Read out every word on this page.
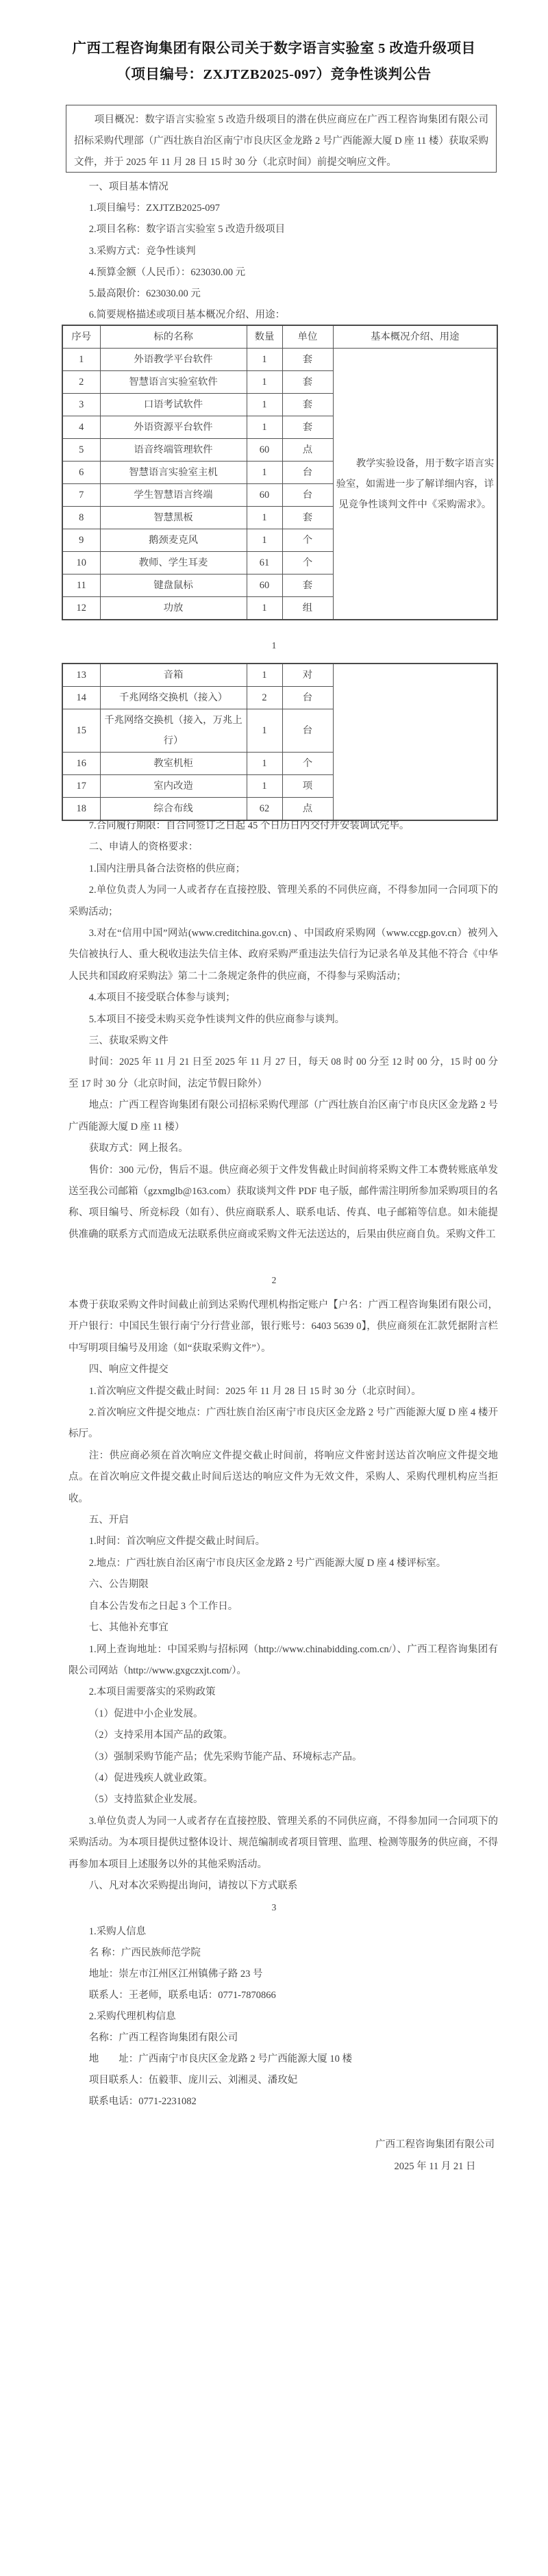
广西工程咨询集团有限公司关于数字语言实验室 5 改造升级项目
（项目编号：ZXJTZB2025-097）竞争性谈判公告

项目概况：数字语言实验室 5 改造升级项目的潜在供应商应在广西工程咨询集团有限公司招标采购代理部（广西壮族自治区南宁市良庆区金龙路 2 号广西能源大厦 D 座 11 楼）获取采购文件，并于 2025 年 11 月 28 日 15 时 30 分（北京时间）前提交响应文件。

一、项目基本情况

1.项目编号：ZXJTZB2025-097

2.项目名称：数字语言实验室 5 改造升级项目

3.采购方式：竞争性谈判

4.预算金额（人民币）：623030.00 元

5.最高限价：623030.00 元

6.简要规格描述或项目基本概况介绍、用途：

序号	标的名称	数量	单位	基本概况介绍、用途
1	外语教学平台软件	1	套	教学实验设备，用于数字语言实验室，如需进一步了解详细内容，详见竞争性谈判文件中《采购需求》。

2	智慧语言实验室软件	1	套	
3	口语考试软件	1	套	
4	外语资源平台软件	1	套	
5	语音终端管理软件	60	点	
6	智慧语言实验室主机	1	台	
7	学生智慧语言终端	60	台	
8	智慧黑板	1	套	
9	鹅颈麦克风	1	个	
10	教师、学生耳麦	61	个	
11	键盘鼠标	60	套	
12	功放	1	组	
1
13	音箱	1	对	
14	千兆网络交换机（接入）	2	台	
15	千兆网络交换机（接入，万兆上行）	1	台	
16	教室机柜	1	个	
17	室内改造	1	项	
18	综合布线	62	点	

7.合同履行期限：自合同签订之日起 45 个日历日内交付并安装调试完毕。

二、申请人的资格要求：

1.国内注册具备合法资格的供应商；

2.单位负责人为同一人或者存在直接控股、管理关系的不同供应商，不得参加同一合同项下的采购活动；

3.对在“信用中国”网站(www.creditchina.gov.cn) 、中国政府采购网（www.ccgp.gov.cn）被列入失信被执行人、重大税收违法失信主体、政府采购严重违法失信行为记录名单及其他不符合《中华人民共和国政府采购法》第二十二条规定条件的供应商，不得参与采购活动；

4.本项目不接受联合体参与谈判；

5.本项目不接受未购买竞争性谈判文件的供应商参与谈判。

三、获取采购文件

时间：2025 年 11 月 21 日至 2025 年 11 月 27 日，每天 08 时 00 分至 12 时 00 分，15 时 00 分至 17 时 30 分（北京时间，法定节假日除外）

地点：广西工程咨询集团有限公司招标采购代理部（广西壮族自治区南宁市良庆区金龙路 2 号广西能源大厦 D 座 11 楼）

获取方式：网上报名。

售价：300 元/份，售后不退。供应商必须于文件发售截止时间前将采购文件工本费转账底单发送至我公司邮箱（gzxmglb@163.com）获取谈判文件 PDF 电子版，邮件需注明所参加采购项目的名称、项目编号、所竞标段（如有）、供应商联系人、联系电话、传真、电子邮箱等信息。如未能提供准确的联系方式而造成无法联系供应商或采购文件无法送达的，后果由供应商自负。采购文件工

2

本费于获取采购文件时间截止前到达采购代理机构指定账户【户名：广西工程咨询集团有限公司，开户银行：中国民生银行南宁分行营业部，银行账号：6403 5639 0】，供应商须在汇款凭据附言栏中写明项目编号及用途（如“获取采购文件”）。

四、响应文件提交

1.首次响应文件提交截止时间：2025 年 11 月 28 日 15 时 30 分（北京时间）。

2.首次响应文件提交地点：广西壮族自治区南宁市良庆区金龙路 2 号广西能源大厦 D 座 4 楼开标厅。

注：供应商必须在首次响应文件提交截止时间前，将响应文件密封送达首次响应文件提交地点。在首次响应文件提交截止时间后送达的响应文件为无效文件，采购人、采购代理机构应当拒收。

五、开启

1.时间：首次响应文件提交截止时间后。

2.地点：广西壮族自治区南宁市良庆区金龙路 2 号广西能源大厦 D 座 4 楼评标室。

六、公告期限

自本公告发布之日起 3 个工作日。

七、其他补充事宜

1.网上查询地址：中国采购与招标网（http://www.chinabidding.com.cn/）、广西工程咨询集团有限公司网站（http://www.gxgczxjt.com/）。

2.本项目需要落实的采购政策

（1）促进中小企业发展。

（2）支持采用本国产品的政策。

（3）强制采购节能产品；优先采购节能产品、环境标志产品。

（4）促进残疾人就业政策。

（5）支持监狱企业发展。

3.单位负责人为同一人或者存在直接控股、管理关系的不同供应商，不得参加同一合同项下的采购活动。为本项目提供过整体设计、规范编制或者项目管理、监理、检测等服务的供应商，不得再参加本项目上述服务以外的其他采购活动。

八、凡对本次采购提出询问，请按以下方式联系

3

1.采购人信息

名 称：广西民族师范学院

地址：崇左市江州区江州镇佛子路 23 号

联系人：王老师，联系电话：0771-7870866

2.采购代理机构信息

名称：广西工程咨询集团有限公司

地　　址：广西南宁市良庆区金龙路 2 号广西能源大厦 10 楼

项目联系人：伍毅菲、庞川云、刘湘灵、潘玫妃

联系电话：0771-2231082

广西工程咨询集团有限公司
2025 年 11 月 21 日
